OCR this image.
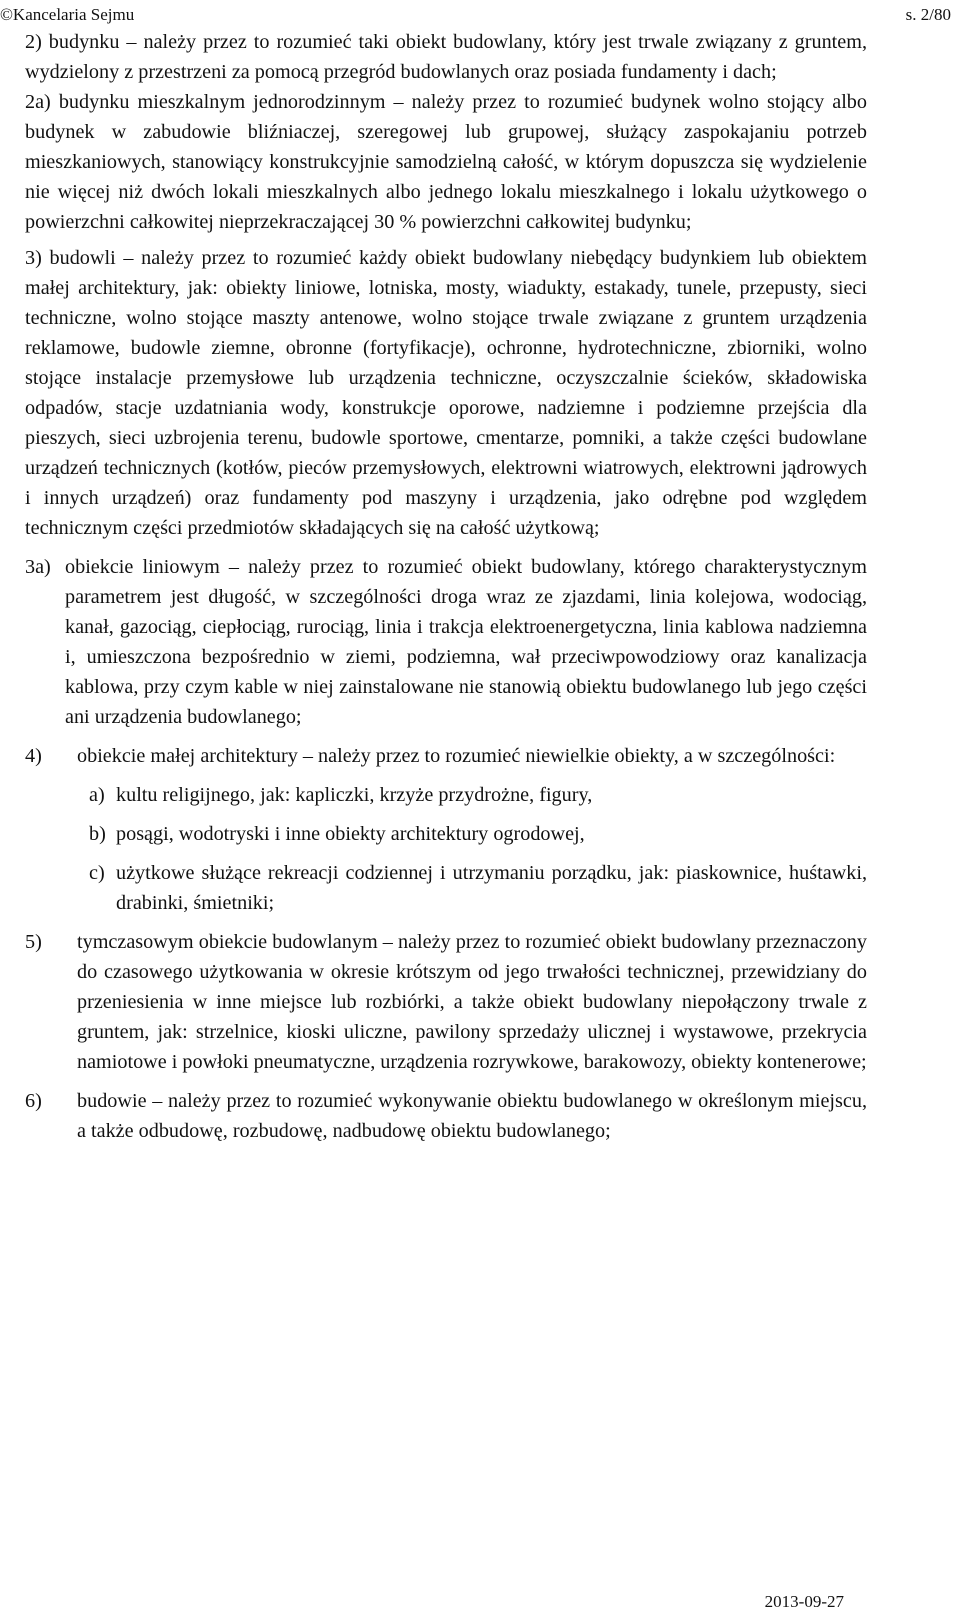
©Kancelaria Sejmu	s. 2/80
2) budynku – należy przez to rozumieć taki obiekt budowlany, który jest trwale związany z gruntem, wydzielony z przestrzeni za pomocą przegród budowlanych oraz posiada fundamenty i dach;
2a) budynku mieszkalnym jednorodzinnym – należy przez to rozumieć budynek wolno stojący albo budynek w zabudowie bliźniaczej, szeregowej lub grupowej, służący zaspokajaniu potrzeb mieszkaniowych, stanowiący konstrukcyjnie samodzielną całość, w którym dopuszcza się wydzielenie nie więcej niż dwóch lokali mieszkalnych albo jednego lokalu mieszkalnego i lokalu użytkowego o powierzchni całkowitej nieprzekraczającej 30 % powierzchni całkowitej budynku;
3) budowli – należy przez to rozumieć każdy obiekt budowlany niebędący budynkiem lub obiektem małej architektury, jak: obiekty liniowe, lotniska, mosty, wiadukty, estakady, tunele, przepusty, sieci techniczne, wolno stojące maszty antenowe, wolno stojące trwale związane z gruntem urządzenia reklamowe, budowle ziemne, obronne (fortyfikacje), ochronne, hydrotechniczne, zbiorniki, wolno stojące instalacje przemysłowe lub urządzenia techniczne, oczyszczalnie ścieków, składowiska odpadów, stacje uzdatniania wody, konstrukcje oporowe, nadziemne i podziemne przejścia dla pieszych, sieci uzbrojenia terenu, budowle sportowe, cmentarze, pomniki, a także części budowlane urządzeń technicznych (kotłów, pieców przemysłowych, elektrowni wiatrowych, elektrowni jądrowych i innych urządzeń) oraz fundamenty pod maszyny i urządzenia, jako odrębne pod względem technicznym części przedmiotów składających się na całość użytkową;
3a) obiekcie liniowym – należy przez to rozumieć obiekt budowlany, którego charakterystycznym parametrem jest długość, w szczególności droga wraz ze zjazdami, linia kolejowa, wodociąg, kanał, gazociąg, ciepłociąg, rurociąg, linia i trakcja elektroenergetyczna, linia kablowa nadziemna i, umieszczona bezpośrednio w ziemi, podziemna, wał przeciwpowodziowy oraz kanalizacja kablowa, przy czym kable w niej zainstalowane nie stanowią obiektu budowlanego lub jego części ani urządzenia budowlanego;
4)	obiekcie małej architektury – należy przez to rozumieć niewielkie obiekty, a w szczególności:
a) kultu religijnego, jak: kapliczki, krzyże przydrożne, figury,
b) posągi, wodotryski i inne obiekty architektury ogrodowej,
c) użytkowe służące rekreacji codziennej i utrzymaniu porządku, jak: piaskownice, huśtawki, drabinki, śmietniki;
5)	tymczasowym obiekcie budowlanym – należy przez to rozumieć obiekt budowlany przeznaczony do czasowego użytkowania w okresie krótszym od jego trwałości technicznej, przewidziany do przeniesienia w inne miejsce lub rozbiórki, a także obiekt budowlany niepołączony trwale z gruntem, jak: strzelnice, kioski uliczne, pawilony sprzedaży ulicznej i wystawowe, przekrycia namiotowe i powłoki pneumatyczne, urządzenia rozrywkowe, barakowozy, obiekty kontenerowe;
6)	budowie – należy przez to rozumieć wykonywanie obiektu budowlanego w określonym miejscu, a także odbudowę, rozbudowę, nadbudowę obiektu budowlanego;
2013-09-27
